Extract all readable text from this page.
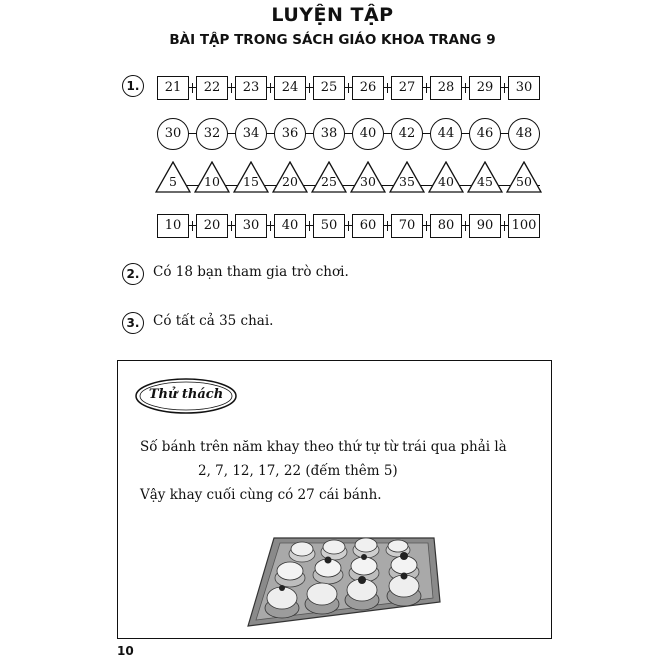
LUYỆN TẬP
BÀI TẬP TRONG SÁCH GIÁO KHOA TRANG 9
1.	21	22	23	24	25	26	27	28	29	30
30	32	34	36	38	40	42	44	46	48
5	10	15	20	25	30	35	40	45	50
10	20	30	40	50	60	70	80	90	100
2.	Có 18 bạn tham gia trò chơi.
3.	Có tất cả 35 chai.
Thử thách
Số bánh trên năm khay theo thứ tự từ trái qua phải là
2, 7, 12, 17, 22 (đếm thêm 5)
Vậy khay cuối cùng có 27 cái bánh.
10
